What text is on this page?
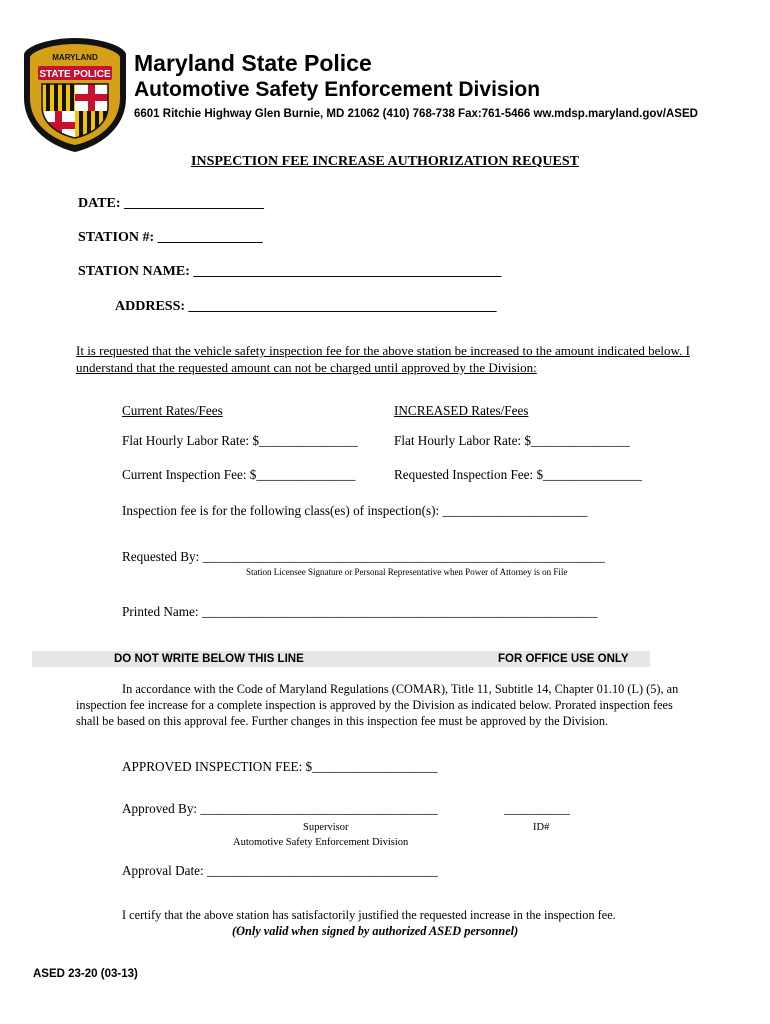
STATE POLICE
MARYLAND Maryland State Police
Automotive Safety Enforcement Division
6601 Ritchie Highway Glen Burnie, MD 21062 (410) 768-738 Fax:761-5466 ww.mdsp.maryland.gov/ASED
INSPECTION FEE INCREASE AUTHORIZATION REQUEST
DATE: ____________________
STATION #: _______________
STATION NAME: ____________________________________________
ADDRESS: ____________________________________________
It is requested that the vehicle safety inspection fee for the above station be increased to the amount indicated below. I understand that the requested amount can not be charged until approved by the Division:
Current Rates/Fees	INCREASED Rates/Fees
Flat Hourly Labor Rate: $_______________	Flat Hourly Labor Rate: $_______________
Current Inspection Fee: $_______________	Requested Inspection Fee: $_______________
Inspection fee is for the following class(es) of inspection(s): ______________________
Requested By: _____________________________________________________________
Station Licensee Signature or Personal Representative when Power of Attorney is on File
Printed Name: ____________________________________________________________
DO NOT WRITE BELOW THIS LINE	FOR OFFICE USE ONLY
In accordance with the Code of Maryland Regulations (COMAR), Title 11, Subtitle 14, Chapter 01.10 (L) (5), an inspection fee increase for a complete inspection is approved by the Division as indicated below. Prorated inspection fees shall be based on this approval fee. Further changes in this inspection fee must be approved by the Division.
APPROVED INSPECTION FEE: $___________________
Approved By: ____________________________________	__________
Supervisor	ID#
Automotive Safety Enforcement Division
Approval Date: ___________________________________
I certify that the above station has satisfactorily justified the requested increase in the inspection fee.
(Only valid when signed by authorized ASED personnel)
ASED 23-20 (03-13)
